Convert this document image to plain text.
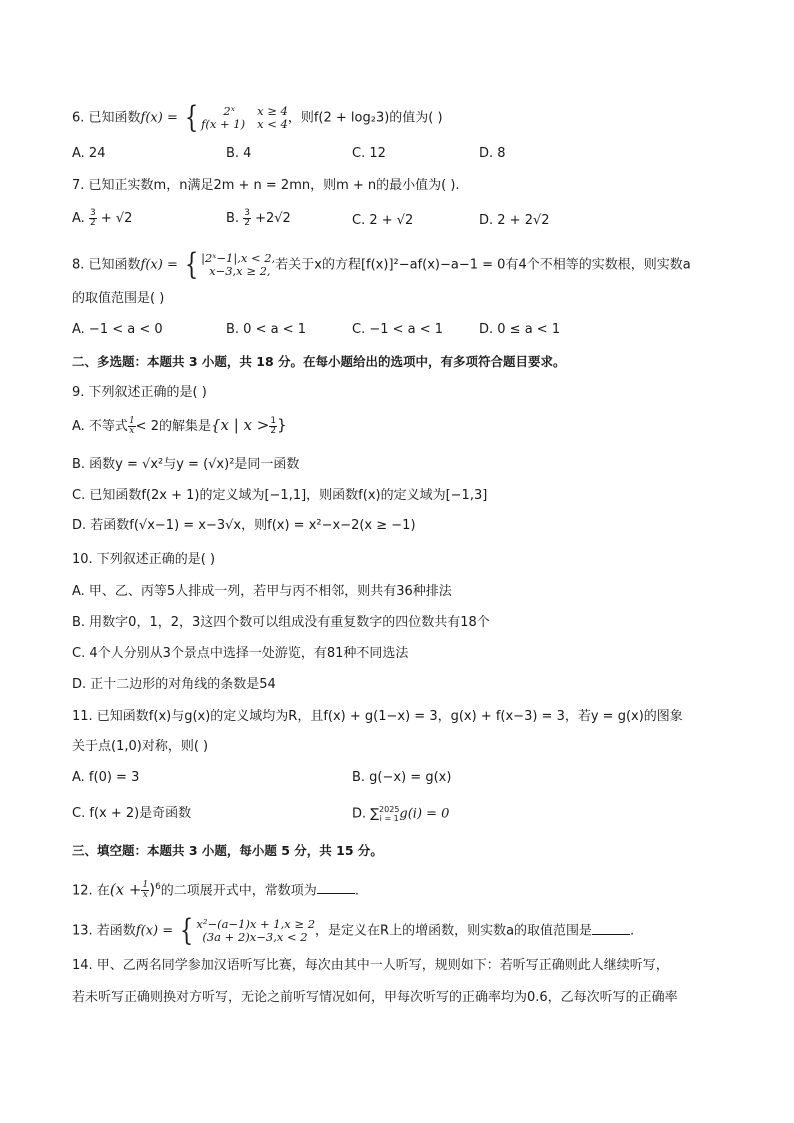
6. 已知函数f(x) = {	2ˣ x ≥ 4
f(x + 1) x < 4 ，则f(2 + log₂3)的值为( )
A. 24	B. 4	C. 12	D. 8
7. 已知正实数m，n满足2m + n = 2mn，则m + n的最小值为( ).
A. $\frac{3}{2} + √2$	B. $\frac{3}{2} +2√2$	C. 2 + √2	D. 2 + 2√2
8. 已知函数f(x) = { |2ˣ−1|,x < 2,
x−3,x ≥ 2, 若关于x的方程[f(x)]²−af(x)−a−1 = 0有4个不相等的实数根，则实数a
的取值范围是( )
A. −1 < a < 0	B. 0 < a < 1	C. −1 < a < 1	D. 0 ≤ a < 1
二、多选题：本题共 3 小题，共 18 分。在每小题给出的选项中，有多项符合题目要求。
9. 下列叙述正确的是( )
A. 不等式 $\frac{1}{x} < 2$的解集是{x | $x > \frac{1}{2}$ }
B. 函数y = √x²与y = (√x)²是同一函数
C. 已知函数f(2x + 1)的定义域为[−1,1]，则函数f(x)的定义域为[−1,3]
D. 若函数f(√x−1) = x−3√x，则f(x) = x²−x−2(x ≥ −1)
10. 下列叙述正确的是( )
A. 甲、乙、丙等5人排成一列，若甲与丙不相邻，则共有36种排法
B. 用数字0，1，2，3这四个数可以组成没有重复数字的四位数共有18个
C. 4个人分别从3个景点中选择一处游览，有81种不同选法
D. 正十二边形的对角线的条数是54
11. 已知函数f(x)与g(x)的定义域均为R，且f(x) + g(1−x) = 3，g(x) + f(x−3) = 3，若y = g(x)的图象
关于点(1,0)对称，则( )
A. f(0) = 3	B. g(−x) = g(x)
C. f(x + 2)是奇函数	D. ∑ 2025
i = 1 g(i) = 0
三、填空题：本题共 3 小题，每小题 5 分，共 15 分。
12. 在$(x + \frac{1}{x} )^6$的二项展开式中，常数项为	.
13. 若函数f(x) = { x²−(a−1)x + 1,x ≥ 2
(3a + 2)x−3,x < 2 ，是定义在R上的增函数，则实数a的取值范围是	.
14. 甲、乙两名同学参加汉语听写比赛，每次由其中一人听写，规则如下：若听写正确则此人继续听写，
若未听写正确则换对方听写，无论之前听写情况如何，甲每次听写的正确率均为0.6，乙每次听写的正确率
